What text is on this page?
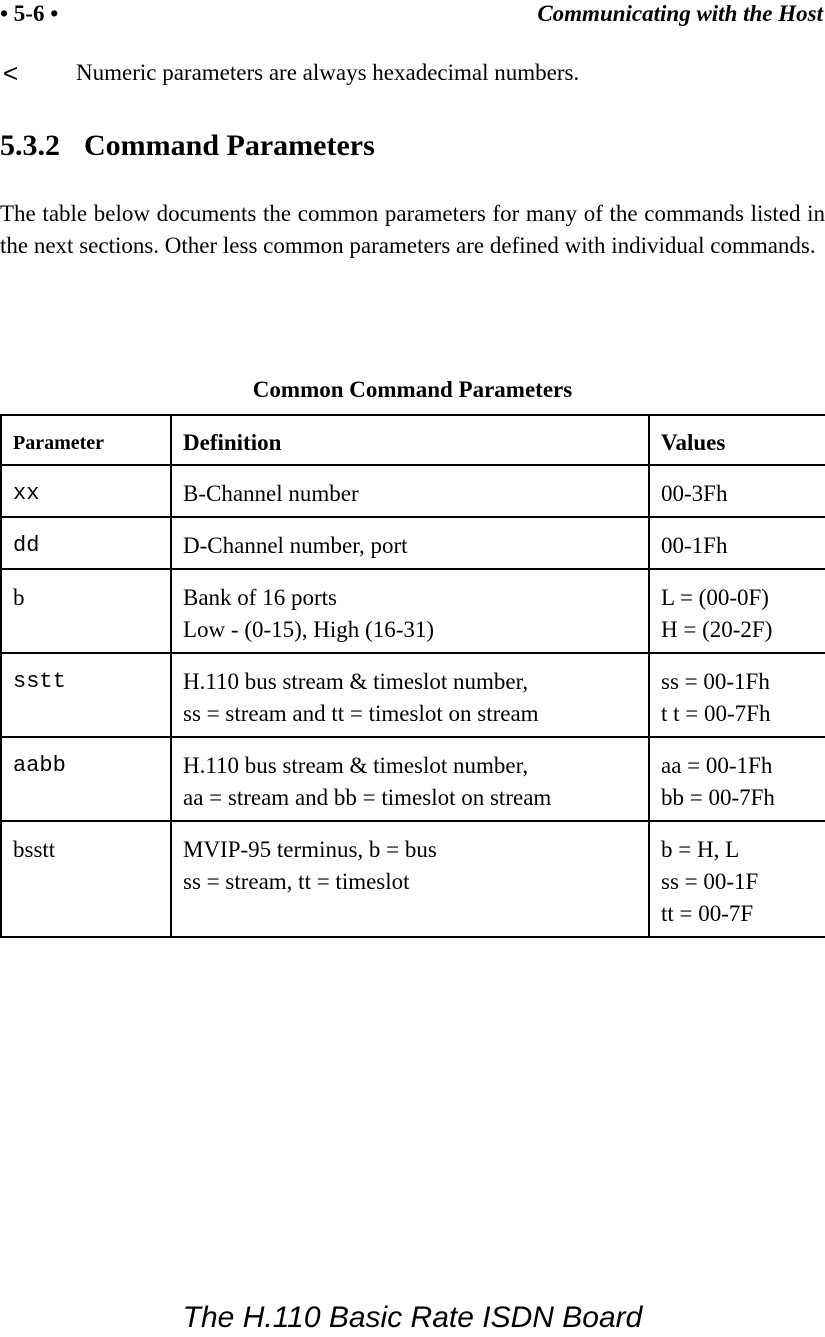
• 5-6 •	Communicating with the Host
<	Numeric parameters are always hexadecimal numbers.
5.3.2 Command Parameters

The table below documents the common parameters for many of the commands listed in the next sections. Other less common parameters are defined with individual commands.

Common Command Parameters
Parameter	Definition	Values
xx	B-Channel number	00-3Fh

dd	D-Channel number, port	00-1Fh

b	Bank of 16 ports
Low - (0-15), High (16-31)	L = (00-0F)
H = (20-2F)

sstt	H.110 bus stream & timeslot number,
ss = stream and tt = timeslot on stream	ss = 00-1Fh
t t = 00-7Fh

aabb	H.110 bus stream & timeslot number,
aa = stream and bb = timeslot on stream	aa = 00-1Fh
bb = 00-7Fh

bsstt	MVIP-95 terminus, b = bus
ss = stream, tt = timeslot	b = H, L
ss = 00-1F
tt = 00-7F
The H.110 Basic Rate ISDN Board
